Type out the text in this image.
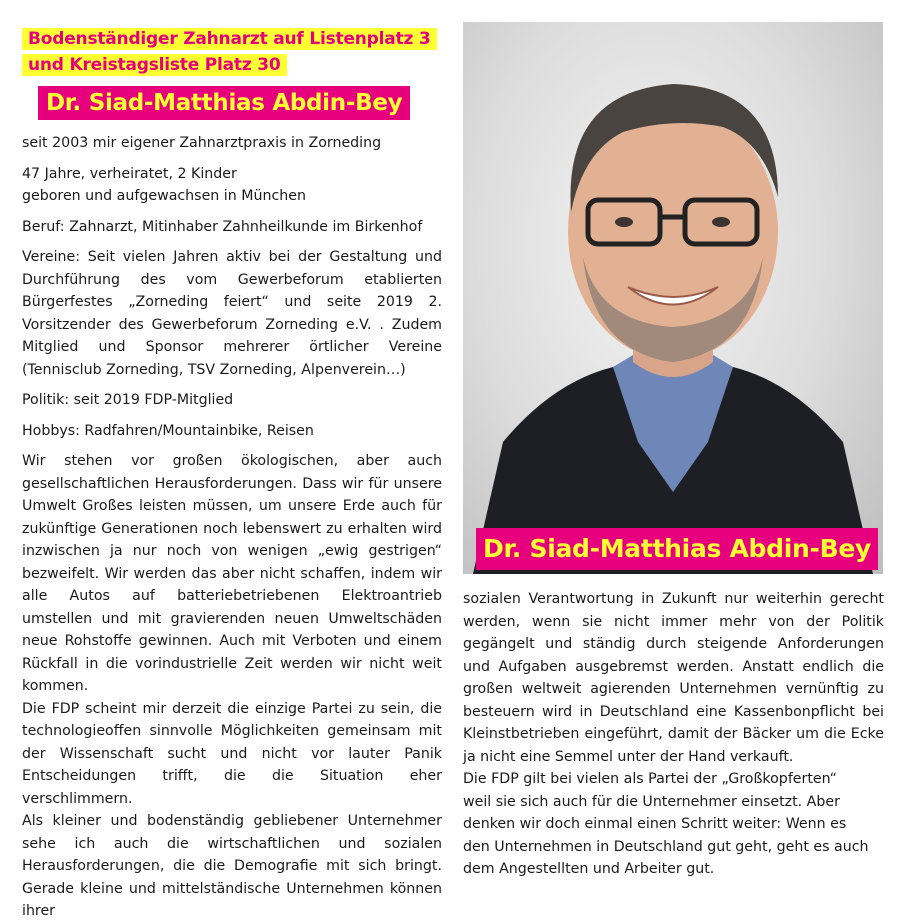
Bodenständiger Zahnarzt auf Listenplatz 3
und Kreistagsliste Platz 30
Dr. Siad-Matthias Abdin-Bey

seit 2003 mir eigener Zahnarztpraxis in Zorneding

47 Jahre, verheiratet, 2 Kinder

geboren und aufgewachsen in München

Beruf: Zahnarzt, Mitinhaber Zahnheilkunde im Birkenhof

Vereine: Seit vielen Jahren aktiv bei der Gestaltung und Durchführung des vom Gewerbeforum etablierten Bürgerfestes „Zorneding feiert“ und seite 2019 2. Vorsitzender des Gewerbeforum Zorneding e.V. . Zudem Mitglied und Sponsor mehrerer örtlicher Vereine (Tennisclub Zorneding, TSV Zorneding, Alpenverein…)

Politik: seit 2019 FDP-Mitglied

Hobbys: Radfahren/Mountainbike, Reisen

Wir stehen vor großen ökologischen, aber auch gesellschaftlichen Herausforderungen. Dass wir für unsere Umwelt Großes leisten müssen, um unsere Erde auch für zukünftige Generationen noch lebenswert zu erhalten wird inzwischen ja nur noch von wenigen „ewig gestrigen“ bezweifelt. Wir werden das aber nicht schaffen, indem wir alle Autos auf batteriebetriebenen Elektroantrieb umstellen und mit gravierenden neuen Umweltschäden neue Rohstoffe gewinnen. Auch mit Verboten und einem Rückfall in die vorindustrielle Zeit werden wir nicht weit kommen.

Die FDP scheint mir derzeit die einzige Partei zu sein, die technologieoffen sinnvolle Möglichkeiten gemeinsam mit der Wissenschaft sucht und nicht vor lauter Panik Entscheidungen trifft, die die Situation eher verschlimmern.

Als kleiner und bodenständig gebliebener Unternehmer sehe ich auch die wirtschaftlichen und sozialen Herausforderungen, die die Demografie mit sich bringt. Gerade kleine und mittelständische Unternehmen können ihrer

Dr. Siad-Matthias Abdin-Bey

sozialen Verantwortung in Zukunft nur weiterhin gerecht werden, wenn sie nicht immer mehr von der Politik gegängelt und ständig durch steigende Anforderungen und Aufgaben ausgebremst werden. Anstatt endlich die großen weltweit agierenden Unternehmen vernünftig zu besteuern wird in Deutschland eine Kassenbonpflicht bei Kleinstbetrieben eingeführt, damit der Bäcker um die Ecke ja nicht eine Semmel unter der Hand verkauft.

Die FDP gilt bei vielen als Partei der „Großkopferten“

weil sie sich auch für die Unternehmer einsetzt. Aber

denken wir doch einmal einen Schritt weiter: Wenn es

den Unternehmen in Deutschland gut geht, geht es auch

dem Angestellten und Arbeiter gut.
